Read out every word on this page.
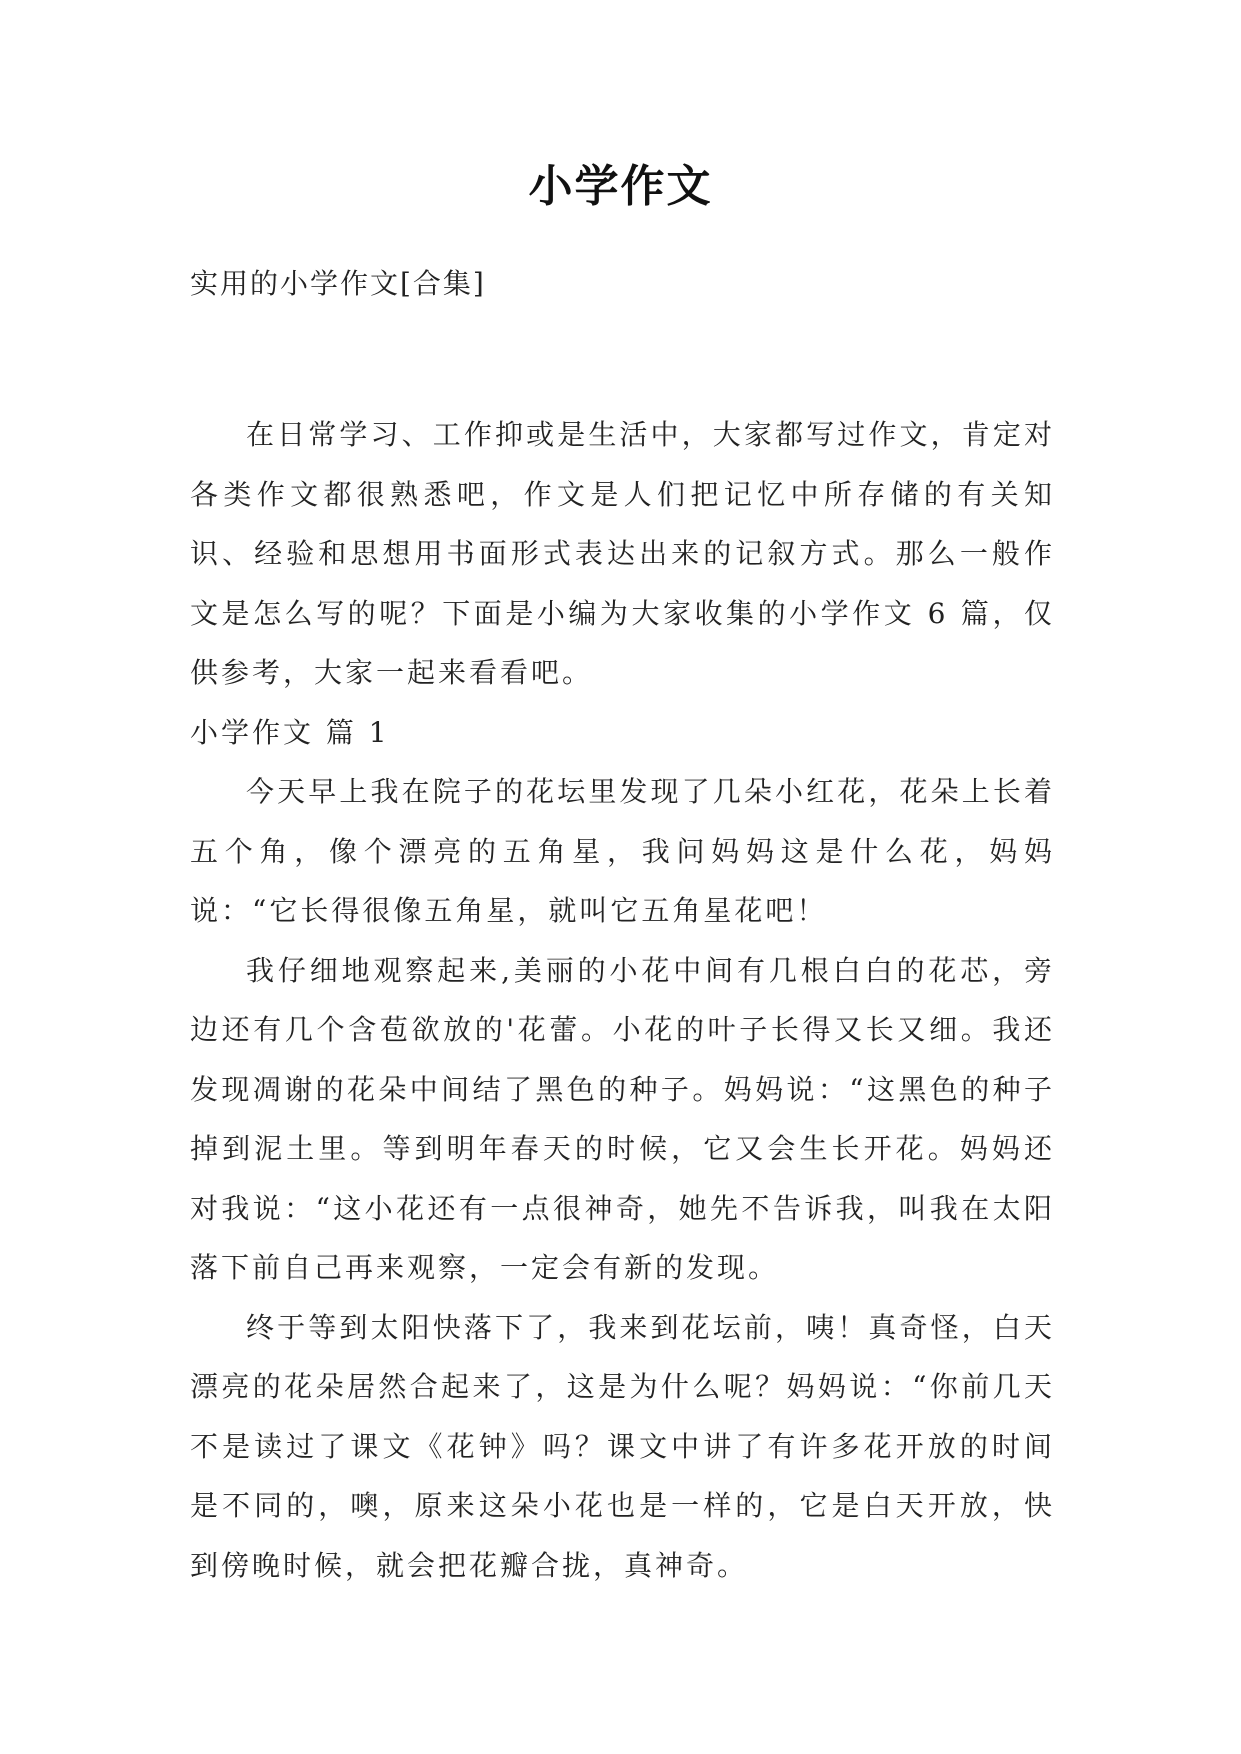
小学作文
实用的小学作文[合集]

在日常学习、工作抑或是生活中，大家都写过作文，肯定对各类作文都很熟悉吧，作文是人们把记忆中所存储的有关知识、经验和思想用书面形式表达出来的记叙方式。那么一般作文是怎么写的呢？下面是小编为大家收集的小学作文 6 篇，仅供参考，大家一起来看看吧。

小学作文 篇 1

今天早上我在院子的花坛里发现了几朵小红花，花朵上长着五个角，像个漂亮的五角星，我问妈妈这是什么花，妈妈说：“它长得很像五角星，就叫它五角星花吧！

我仔细地观察起来,美丽的小花中间有几根白白的花芯，旁边还有几个含苞欲放的'花蕾。小花的叶子长得又长又细。我还发现凋谢的花朵中间结了黑色的种子。妈妈说：“这黑色的种子掉到泥土里。等到明年春天的时候，它又会生长开花。妈妈还对我说：“这小花还有一点很神奇，她先不告诉我，叫我在太阳落下前自己再来观察，一定会有新的发现。

终于等到太阳快落下了，我来到花坛前，咦！真奇怪，白天漂亮的花朵居然合起来了，这是为什么呢？妈妈说：“你前几天不是读过了课文《花钟》吗？课文中讲了有许多花开放的时间是不同的，噢，原来这朵小花也是一样的，它是白天开放，快到傍晚时候，就会把花瓣合拢，真神奇。
